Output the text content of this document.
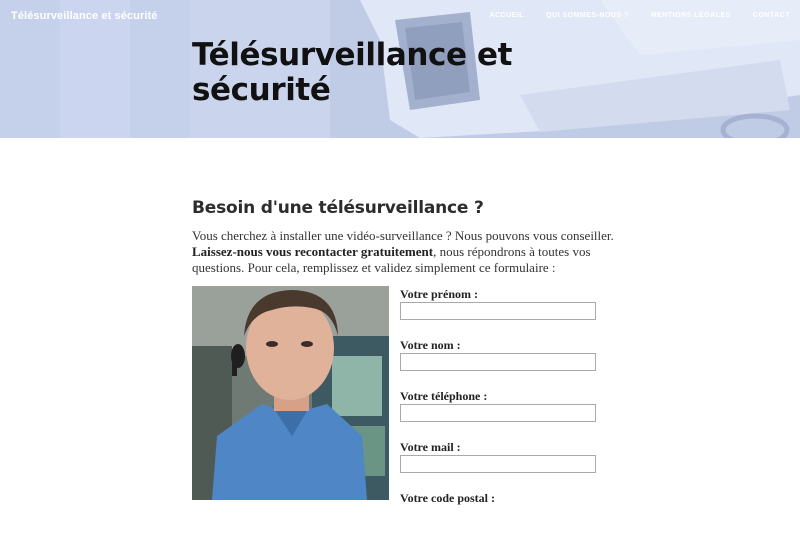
Télésurveillance et sécurité	ACCUEIL	QUI SOMMES-NOUS ?	MENTIONS LÉGALES	CONTACT
Télésurveillance et sécurité
Besoin d'une télésurveillance ?

Vous cherchez à installer une vidéo-surveillance ? Nous pouvons vous conseiller. Laissez-nous vous recontacter gratuitement, nous répondrons à toutes vos questions. Pour cela, remplissez et validez simplement ce formulaire :

Votre prénom :
Votre nom :
Votre téléphone :
Votre mail :
Votre code postal :
